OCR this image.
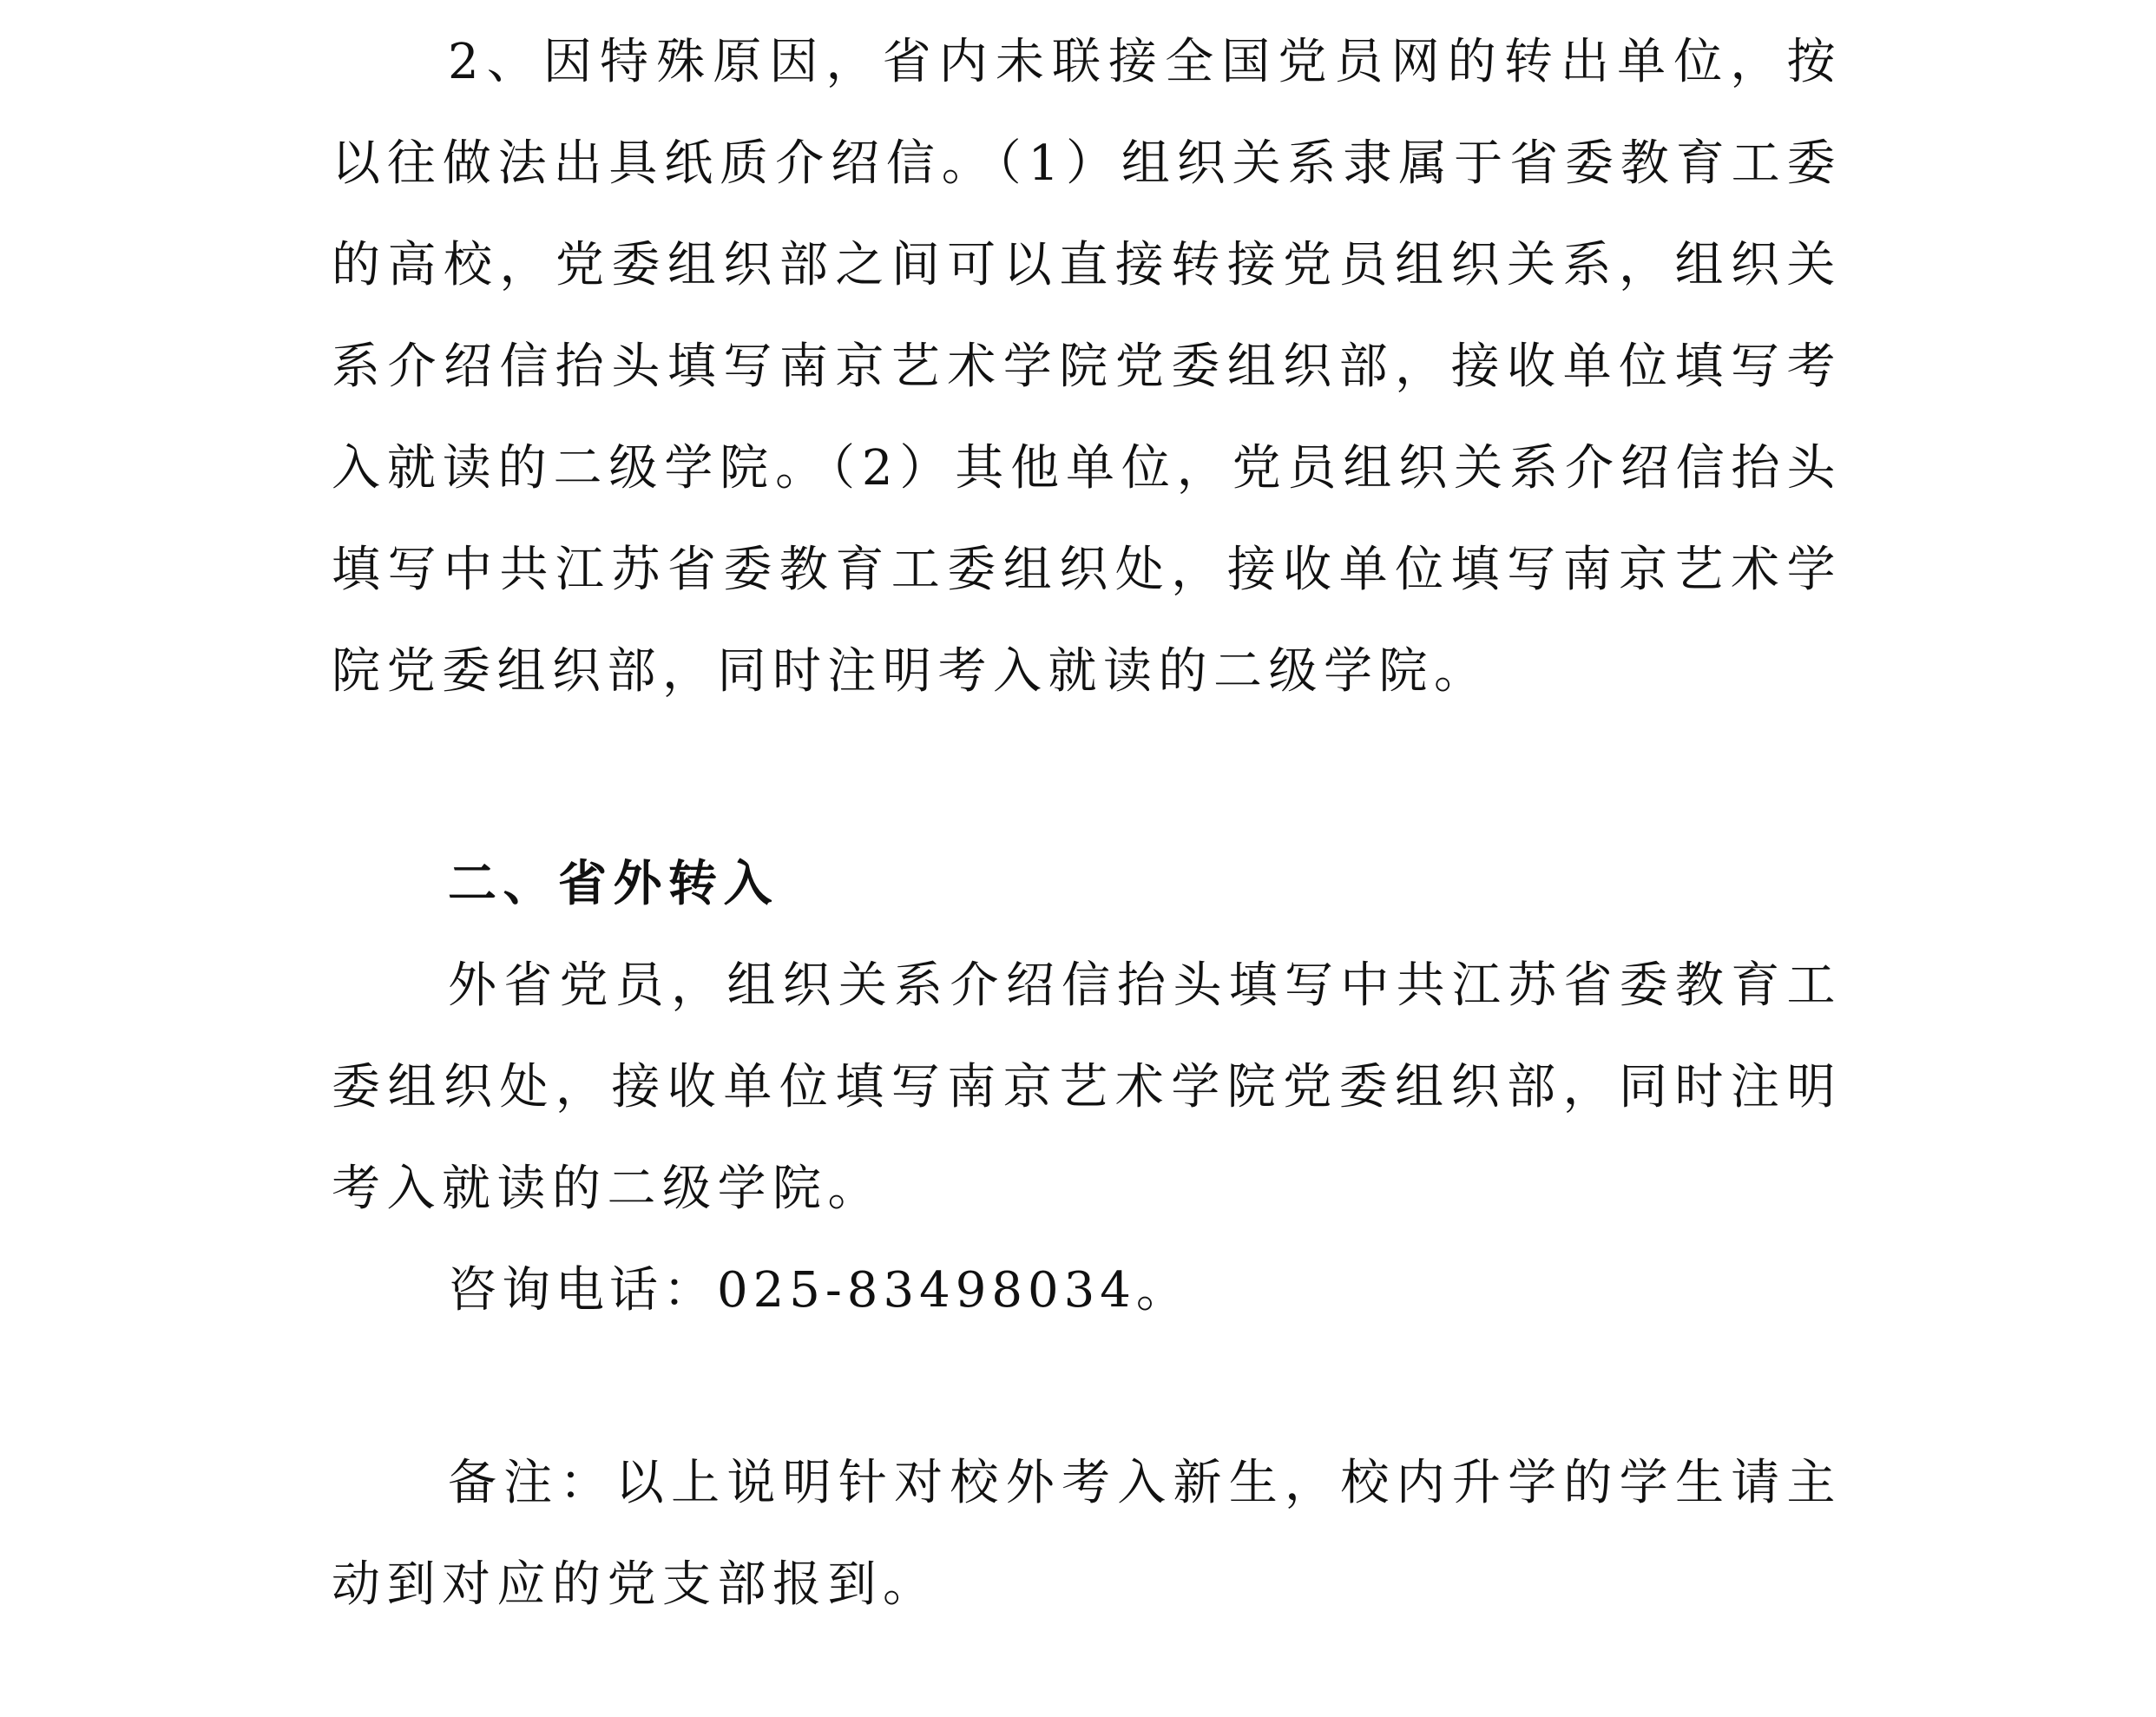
2、因特殊原因，省内未联接全国党员网的转出单位，按以往做法出具纸质介绍信。（1）组织关系隶属于省委教育工委的高校，党委组织部之间可以直接转接党员组织关系，组织关系介绍信抬头填写南京艺术学院党委组织部，接收单位填写考入就读的二级学院。（2）其他单位，党员组织关系介绍信抬头填写中共江苏省委教育工委组织处，接收单位填写南京艺术学院党委组织部，同时注明考入就读的二级学院。

二、省外转入

外省党员，组织关系介绍信抬头填写中共江苏省委教育工委组织处，接收单位填写南京艺术学院党委组织部，同时注明考入就读的二级学院。

咨询电话：025-83498034。

备注：以上说明针对校外考入新生，校内升学的学生请主动到对应的党支部报到。
